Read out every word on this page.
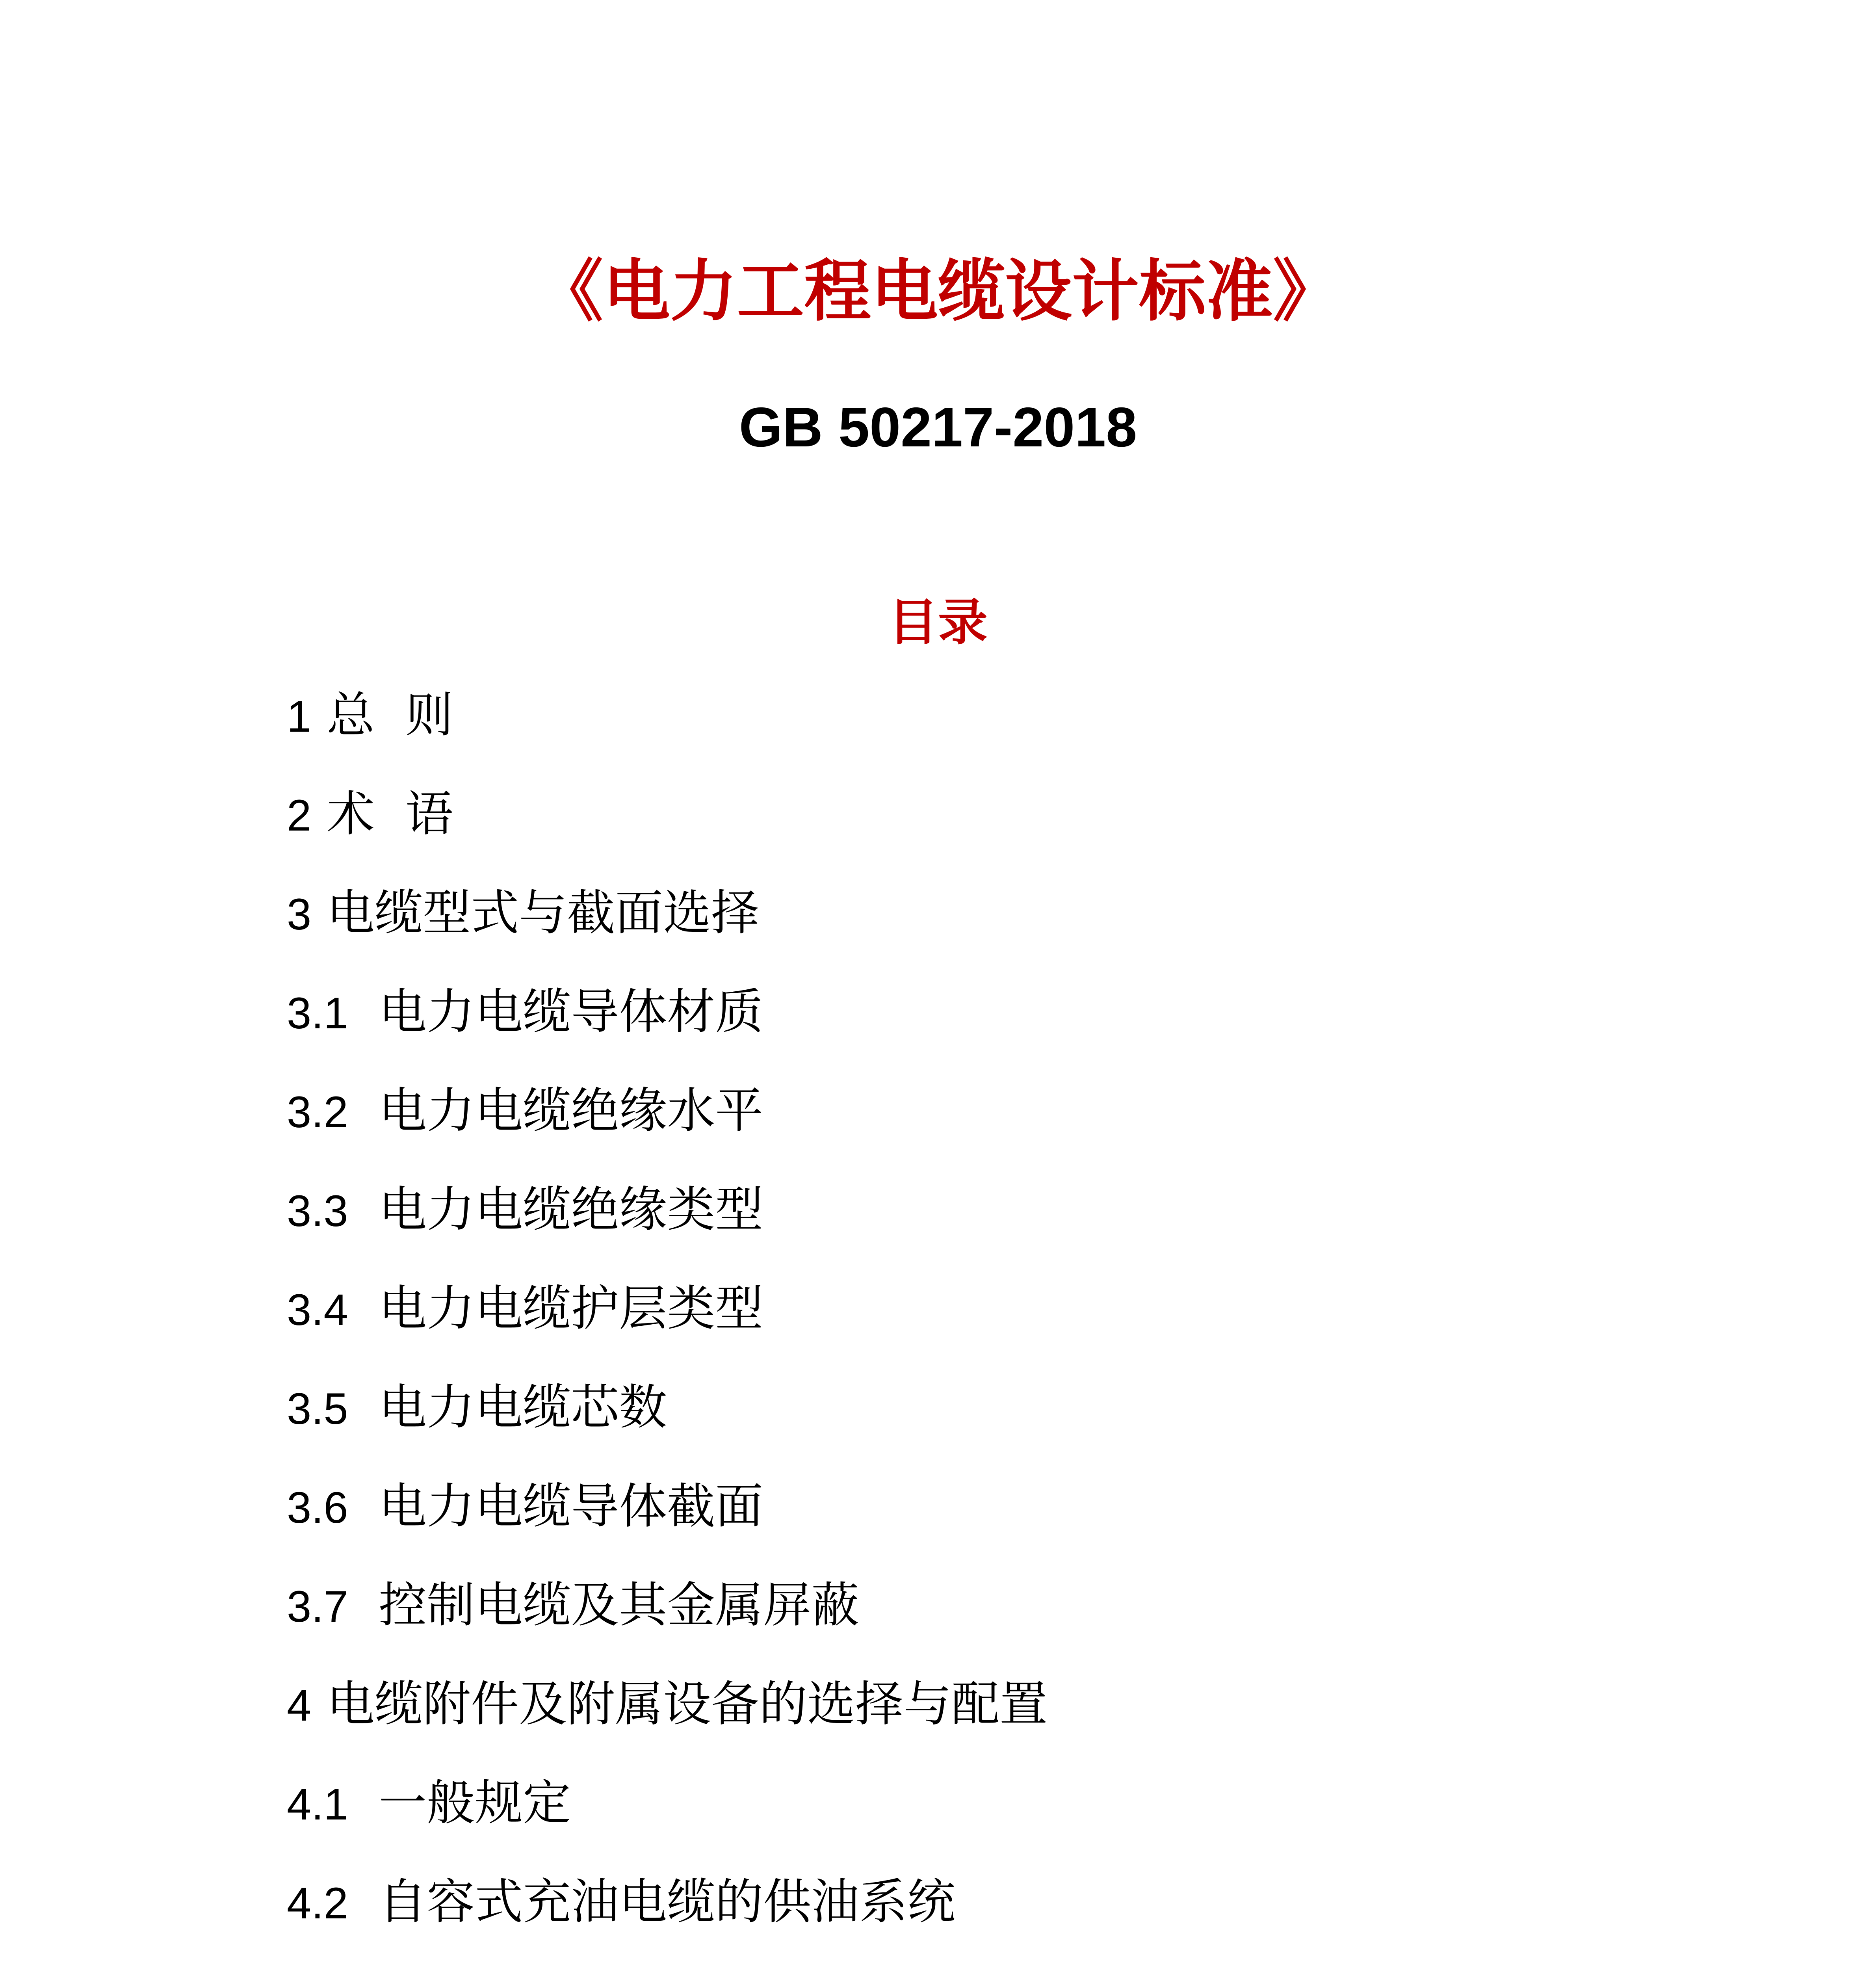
《电力工程电缆设计标准》
GB 50217-2018
目录
1 总  则
2 术  语
3 电缆型式与截面选择
3.1 电力电缆导体材质
3.2 电力电缆绝缘水平
3.3 电力电缆绝缘类型
3.4 电力电缆护层类型
3.5 电力电缆芯数
3.6 电力电缆导体截面
3.7 控制电缆及其金属屏蔽
4 电缆附件及附属设备的选择与配置
4.1 一般规定
4.2 自容式充油电缆的供油系统
